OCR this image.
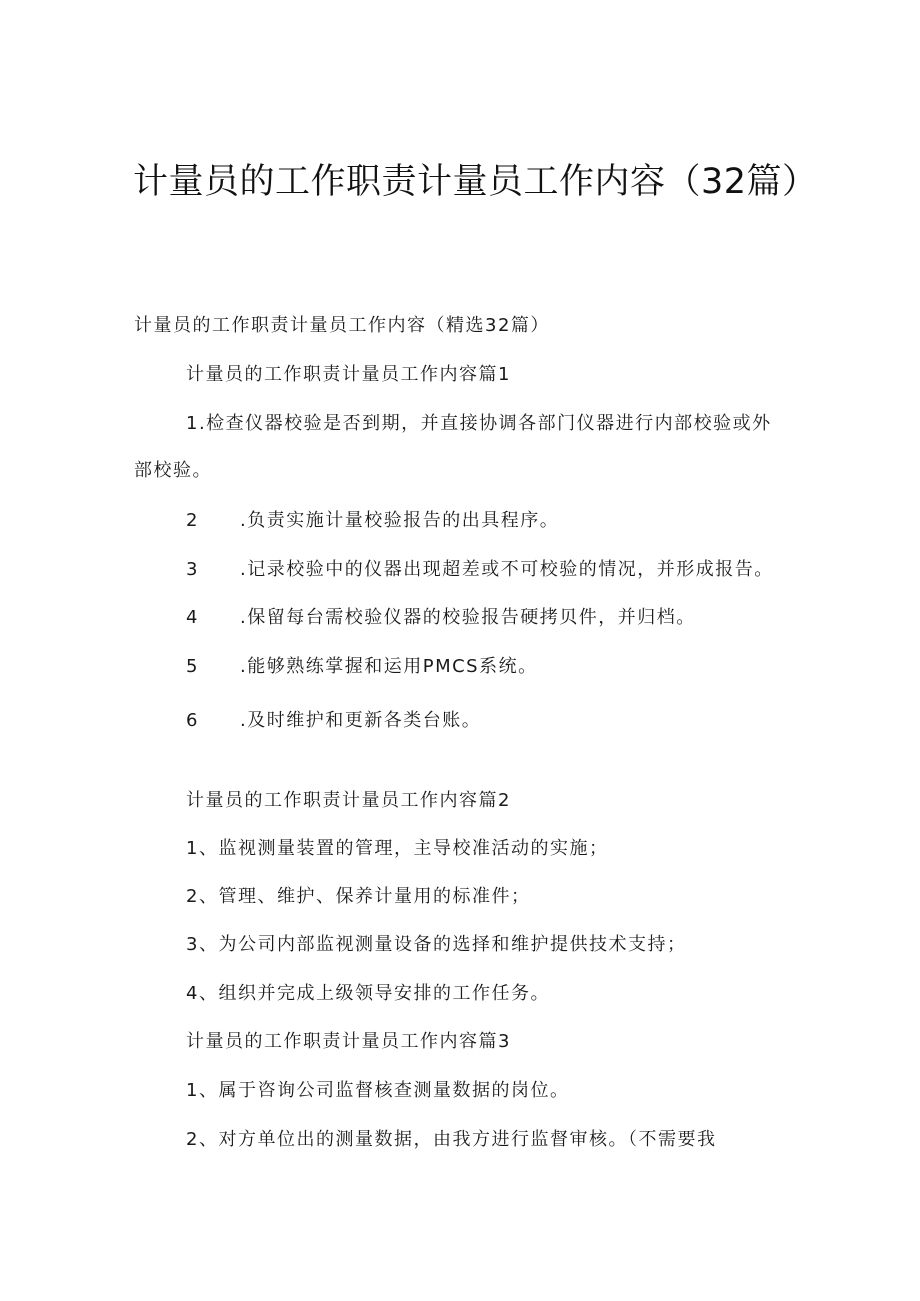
计量员的工作职责计量员工作内容（32篇）
计量员的工作职责计量员工作内容（精选32篇）
计量员的工作职责计量员工作内容篇1
1.检查仪器校验是否到期，并直接协调各部门仪器进行内部校验或外
部校验。
2 .负责实施计量校验报告的出具程序。
3 .记录校验中的仪器出现超差或不可校验的情况，并形成报告。
4 .保留每台需校验仪器的校验报告硬拷贝件，并归档。
5 .能够熟练掌握和运用PMCS系统。
6 .及时维护和更新各类台账。
计量员的工作职责计量员工作内容篇2
1、监视测量装置的管理，主导校准活动的实施；
2、管理、维护、保养计量用的标准件；
3、为公司内部监视测量设备的选择和维护提供技术支持；
4、组织并完成上级领导安排的工作任务。
计量员的工作职责计量员工作内容篇3
1、属于咨询公司监督核查测量数据的岗位。
2、对方单位出的测量数据，由我方进行监督审核。（不需要我
